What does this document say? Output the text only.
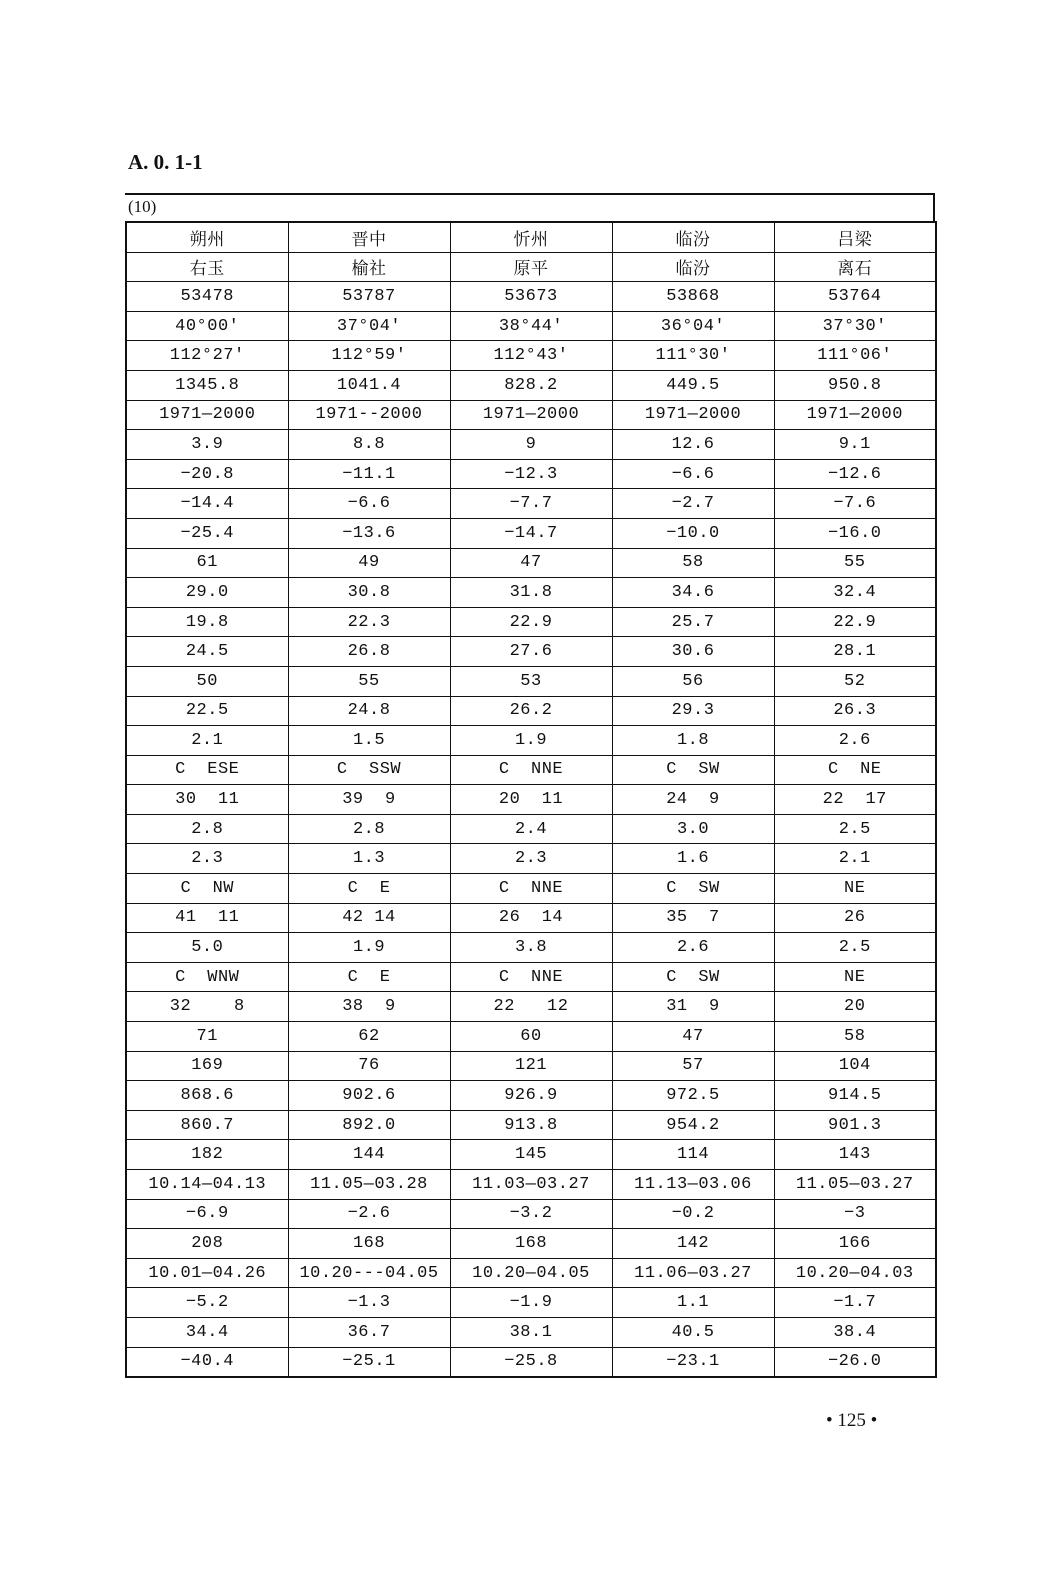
A. 0. 1-1
(10)
朔州	晋中	忻州	临汾	吕梁
右玉	榆社	原平	临汾	离石
53478	53787	53673	53868	53764
40°00′	37°04′	38°44′	36°04′	37°30′
112°27′	112°59′	112°43′	111°30′	111°06′
1345.8	1041.4	828.2	449.5	950.8
1971—2000	1971--2000	1971—2000	1971—2000	1971—2000
3.9	8.8	9	12.6	9.1
−20.8	−11.1	−12.3	−6.6	−12.6
−14.4	−6.6	−7.7	−2.7	−7.6
−25.4	−13.6	−14.7	−10.0	−16.0
61	49	47	58	55
29.0	30.8	31.8	34.6	32.4
19.8	22.3	22.9	25.7	22.9
24.5	26.8	27.6	30.6	28.1
50	55	53	56	52
22.5	24.8	26.2	29.3	26.3
2.1	1.5	1.9	1.8	2.6
C  ESE	C  SSW	C  NNE	C  SW	C  NE
30  11	39  9	20  11	24  9	22  17
2.8	2.8	2.4	3.0	2.5
2.3	1.3	2.3	1.6	2.1
C  NW	C  E	C  NNE	C  SW	NE
41  11	42 14	26  14	35  7	26
5.0	1.9	3.8	2.6	2.5
C  WNW	C  E	C  NNE	C  SW	NE
32    8	38  9	22   12	31  9	20
71	62	60	47	58
169	76	121	57	104
868.6	902.6	926.9	972.5	914.5
860.7	892.0	913.8	954.2	901.3
182	144	145	114	143
10.14—04.13	11.05—03.28	11.03—03.27	11.13—03.06	11.05—03.27
−6.9	−2.6	−3.2	−0.2	−3
208	168	168	142	166
10.01—04.26	10.20---04.05	10.20—04.05	11.06—03.27	10.20—04.03
−5.2	−1.3	−1.9	1.1	−1.7
34.4	36.7	38.1	40.5	38.4
−40.4	−25.1	−25.8	−23.1	−26.0
• 125 •
